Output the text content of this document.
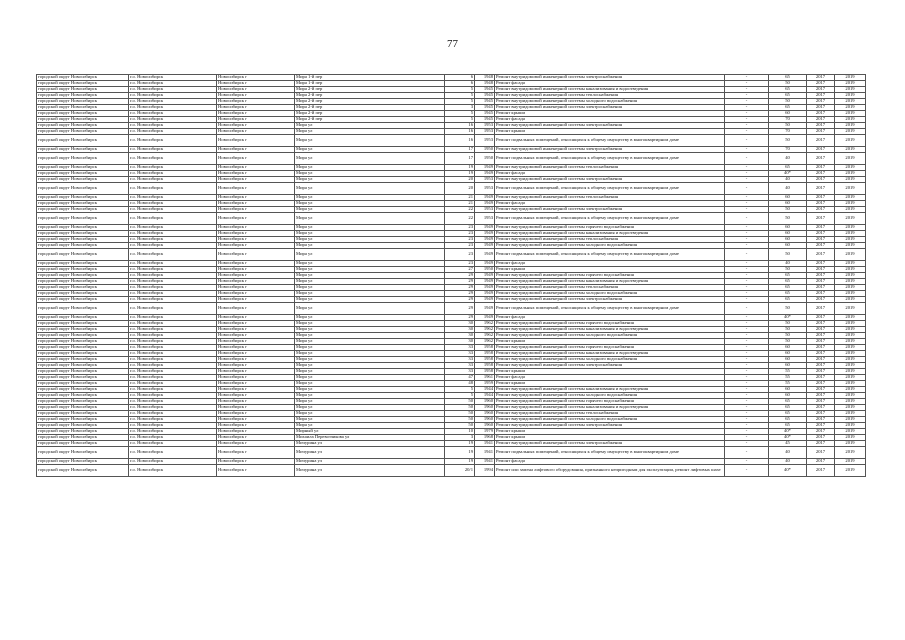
77
городской округ Новосибирск	г.о. Новосибирск	Новосибирск г	Мира 1-й пер	6	1948	Ремонт внутридомовой инженерной системы электроснабжения	-	65	2017	2019
городской округ Новосибирск	г.о. Новосибирск	Новосибирск г	Мира 1-й пер	6	1948	Ремонт фасада	-	50	2017	2019
городской округ Новосибирск	г.о. Новосибирск	Новосибирск г	Мира 2-й пер	5	1945	Ремонт внутридомовой инженерной системы канализования и водоотведения	-	65	2017	2019
городской округ Новосибирск	г.о. Новосибирск	Новосибирск г	Мира 2-й пер	5	1945	Ремонт внутридомовой инженерной системы теплоснабжения	-	65	2017	2019
городской округ Новосибирск	г.о. Новосибирск	Новосибирск г	Мира 2-й пер	5	1945	Ремонт внутридомовой инженерной системы холодного водоснабжения	-	50	2017	2019
городской округ Новосибирск	г.о. Новосибирск	Новосибирск г	Мира 2-й пер	3	1945	Ремонт внутридомовой инженерной системы электроснабжения	-	65	2017	2019
городской округ Новосибирск	г.о. Новосибирск	Новосибирск г	Мира 2-й пер	5	1945	Ремонт крыши	-	60	2017	2019
городской округ Новосибирск	г.о. Новосибирск	Новосибирск г	Мира 2-й пер	5	1945	Ремонт фасада	-	70	2017	2019
городской округ Новосибирск	г.о. Новосибирск	Новосибирск г	Мира ул	16	1953	Ремонт внутридомовой инженерной системы электроснабжения	-	50	2017	2019
городской округ Новосибирск	г.о. Новосибирск	Новосибирск г	Мира ул	16	1953	Ремонт крыши	-	70	2017	2019
городской округ Новосибирск	г.о. Новосибирск	Новосибирск г	Мира ул	16	1953	Ремонт подвальных помещений, относящихся к общему имуществу в многоквартирном доме	-	50	2017	2019
городской округ Новосибирск	г.о. Новосибирск	Новосибирск г	Мира ул	17	1950	Ремонт внутридомовой инженерной системы электроснабжения	-	70	2017	2019
городской округ Новосибирск	г.о. Новосибирск	Новосибирск г	Мира ул	17	1950	Ремонт подвальных помещений, относящихся к общему имуществу в многоквартирном доме	-	40	2017	2019
городской округ Новосибирск	г.о. Новосибирск	Новосибирск г	Мира ул	19	1949	Ремонт внутридомовой инженерной системы теплоснабжения	-	65	2017	2019
городской округ Новосибирск	г.о. Новосибирск	Новосибирск г	Мира ул	19	1949	Ремонт фасада	-	40*	2017	2019
городской округ Новосибирск	г.о. Новосибирск	Новосибирск г	Мира ул	20	1953	Ремонт внутридомовой инженерной системы электроснабжения	-	40	2017	2019
городской округ Новосибирск	г.о. Новосибирск	Новосибирск г	Мира ул	20	1953	Ремонт подвальных помещений, относящихся к общему имуществу в многоквартирном доме	-	40	2017	2019
городской округ Новосибирск	г.о. Новосибирск	Новосибирск г	Мира ул	21	1949	Ремонт внутридомовой инженерной системы теплоснабжения	-	60	2017	2019
городской округ Новосибирск	г.о. Новосибирск	Новосибирск г	Мира ул	21	1949	Ремонт фасада	-	60	2017	2019
городской округ Новосибирск	г.о. Новосибирск	Новосибирск г	Мира ул	22	1953	Ремонт внутридомовой инженерной системы электроснабжения	-	50	2017	2019
городской округ Новосибирск	г.о. Новосибирск	Новосибирск г	Мира ул	22	1953	Ремонт подвальных помещений, относящихся к общему имуществу в многоквартирном доме	-	50	2017	2019
городской округ Новосибирск	г.о. Новосибирск	Новосибирск г	Мира ул	23	1949	Ремонт внутридомовой инженерной системы горячего водоснабжения	-	60	2017	2019
городской округ Новосибирск	г.о. Новосибирск	Новосибирск г	Мира ул	23	1949	Ремонт внутридомовой инженерной системы канализования и водоотведения	-	60	2017	2019
городской округ Новосибирск	г.о. Новосибирск	Новосибирск г	Мира ул	23	1949	Ремонт внутридомовой инженерной системы теплоснабжения	-	60	2017	2019
городской округ Новосибирск	г.о. Новосибирск	Новосибирск г	Мира ул	23	1949	Ремонт внутридомовой инженерной системы холодного водоснабжения	-	60	2017	2019
городской округ Новосибирск	г.о. Новосибирск	Новосибирск г	Мира ул	23	1949	Ремонт подвальных помещений, относящихся к общему имуществу в многоквартирном доме	-	50	2017	2019
городской округ Новосибирск	г.о. Новосибирск	Новосибирск г	Мира ул	23	1949	Ремонт фасада	-	40	2017	2019
городской округ Новосибирск	г.о. Новосибирск	Новосибирск г	Мира ул	27	1950	Ремонт крыши	-	50	2017	2019
городской округ Новосибирск	г.о. Новосибирск	Новосибирск г	Мира ул	29	1949	Ремонт внутридомовой инженерной системы горячего водоснабжения	-	65	2017	2019
городской округ Новосибирск	г.о. Новосибирск	Новосибирск г	Мира ул	29	1949	Ремонт внутридомовой инженерной системы канализования и водоотведения	-	65	2017	2019
городской округ Новосибирск	г.о. Новосибирск	Новосибирск г	Мира ул	29	1949	Ремонт внутридомовой инженерной системы теплоснабжения	-	65	2017	2019
городской округ Новосибирск	г.о. Новосибирск	Новосибирск г	Мира ул	29	1949	Ремонт внутридомовой инженерной системы холодного водоснабжения	-	65	2017	2019
городской округ Новосибирск	г.о. Новосибирск	Новосибирск г	Мира ул	29	1949	Ремонт внутридомовой инженерной системы электроснабжения	-	65	2017	2019
городской округ Новосибирск	г.о. Новосибирск	Новосибирск г	Мира ул	29	1949	Ремонт подвальных помещений, относящихся к общему имуществу в многоквартирном доме	-	50	2017	2019
городской округ Новосибирск	г.о. Новосибирск	Новосибирск г	Мира ул	29	1949	Ремонт фасада	-	40*	2017	2019
городской округ Новосибирск	г.о. Новосибирск	Новосибирск г	Мира ул	30	1962	Ремонт внутридомовой инженерной системы горячего водоснабжения	-	50	2017	2019
городской округ Новосибирск	г.о. Новосибирск	Новосибирск г	Мира ул	30	1962	Ремонт внутридомовой инженерной системы канализования и водоотведения	-	50	2017	2019
городской округ Новосибирск	г.о. Новосибирск	Новосибирск г	Мира ул	30	1962	Ремонт внутридомовой инженерной системы холодного водоснабжения	-	50	2017	2019
городской округ Новосибирск	г.о. Новосибирск	Новосибирск г	Мира ул	30	1962	Ремонт крыши	-	50	2017	2019
городской округ Новосибирск	г.о. Новосибирск	Новосибирск г	Мира ул	33	1958	Ремонт внутридомовой инженерной системы горячего водоснабжения	-	60	2017	2019
городской округ Новосибирск	г.о. Новосибирск	Новосибирск г	Мира ул	33	1958	Ремонт внутридомовой инженерной системы канализования и водоотведения	-	60	2017	2019
городской округ Новосибирск	г.о. Новосибирск	Новосибирск г	Мира ул	33	1958	Ремонт внутридомовой инженерной системы холодного водоснабжения	-	60	2017	2019
городской округ Новосибирск	г.о. Новосибирск	Новосибирск г	Мира ул	33	1958	Ремонт внутридомовой инженерной системы электроснабжения	-	60	2017	2019
городской округ Новосибирск	г.о. Новосибирск	Новосибирск г	Мира ул	33	1958	Ремонт крыши	-	55	2017	2019
городской округ Новосибирск	г.о. Новосибирск	Новосибирск г	Мира ул	47	1961	Ремонт фасада	-	55	2017	2019
городской округ Новосибирск	г.о. Новосибирск	Новосибирск г	Мира ул	48	1959	Ремонт крыши	-	55	2017	2019
городской округ Новосибирск	г.о. Новосибирск	Новосибирск г	Мира ул	5	1944	Ремонт внутридомовой инженерной системы канализования и водоотведения	-	60	2017	2019
городской округ Новосибирск	г.о. Новосибирск	Новосибирск г	Мира ул	5	1944	Ремонт внутридомовой инженерной системы холодного водоснабжения	-	60	2017	2019
городской округ Новосибирск	г.о. Новосибирск	Новосибирск г	Мира ул	50	1960	Ремонт внутридомовой инженерной системы горячего водоснабжения	-	65	2017	2019
городской округ Новосибирск	г.о. Новосибирск	Новосибирск г	Мира ул	50	1960	Ремонт внутридомовой инженерной системы канализования и водоотведения	-	65	2017	2019
городской округ Новосибирск	г.о. Новосибирск	Новосибирск г	Мира ул	50	1960	Ремонт внутридомовой инженерной системы теплоснабжения	-	65	2017	2019
городской округ Новосибирск	г.о. Новосибирск	Новосибирск г	Мира ул	50	1960	Ремонт внутридомовой инженерной системы холодного водоснабжения	-	65	2017	2019
городской округ Новосибирск	г.о. Новосибирск	Новосибирск г	Мира ул	50	1960	Ремонт внутридомовой инженерной системы электроснабжения	-	65	2017	2019
городской округ Новосибирск	г.о. Новосибирск	Новосибирск г	Мирный ул	10	1979	Ремонт крыши	-	40*	2017	2019
городской округ Новосибирск	г.о. Новосибирск	Новосибирск г	Михаила Перевозчикова ул	3	1968	Ремонт крыши	-	40*	2017	2019
городской округ Новосибирск	г.о. Новосибирск	Новосибирск г	Мичурина ул	19	1941	Ремонт внутридомовой инженерной системы электроснабжения	-	45	2017	2019
городской округ Новосибирск	г.о. Новосибирск	Новосибирск г	Мичурина ул	19	1941	Ремонт подвальных помещений, относящихся к общему имуществу в многоквартирном доме	-	40	2017	2019
городской округ Новосибирск	г.о. Новосибирск	Новосибирск г	Мичурина ул	19	1941	Ремонт фасада	-	40	2017	2019
городской округ Новосибирск	г.о. Новосибирск	Новосибирск г	Мичурина ул	20/1	1994	Ремонт или замена лифтового оборудования, признанного непригодным для эксплуатации, ремонт лифтовых шахт	-	40*	2017	2019
